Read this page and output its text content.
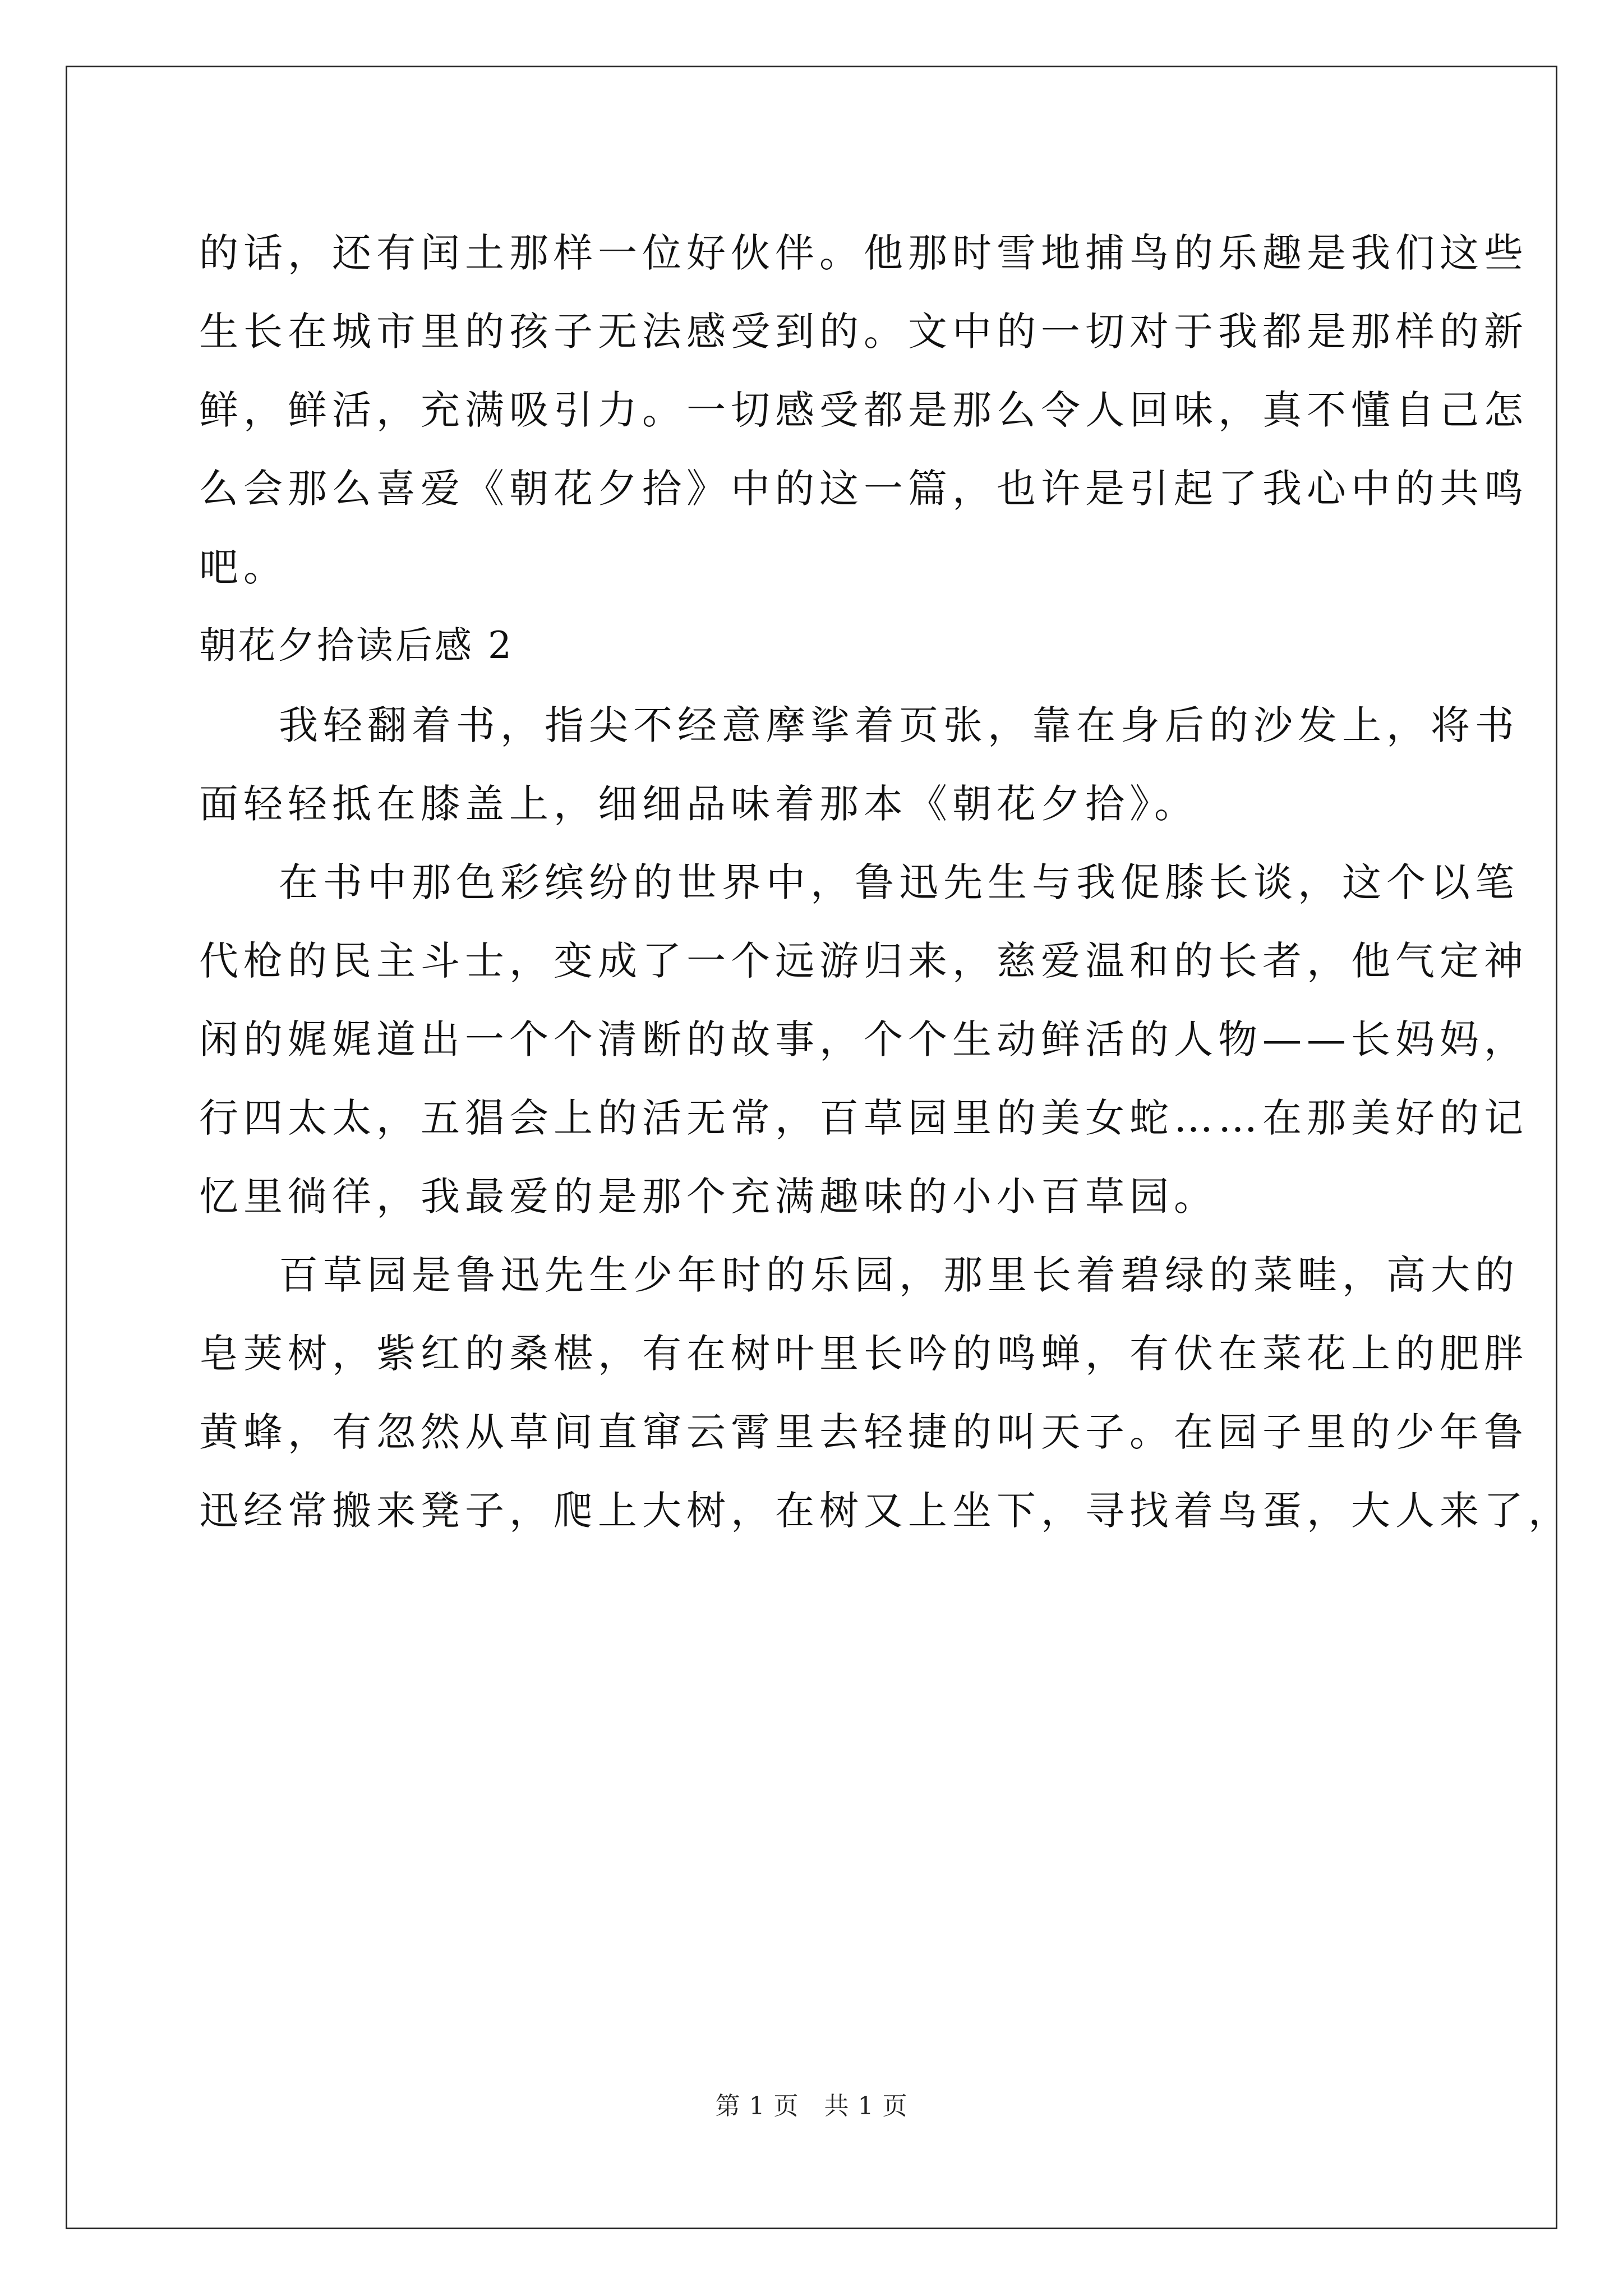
的话，还有闰土那样一位好伙伴。他那时雪地捕鸟的乐趣是我们这些
生长在城市里的孩子无法感受到的。文中的一切对于我都是那样的新
鲜，鲜活，充满吸引力。一切感受都是那么令人回味，真不懂自己怎
么会那么喜爱《朝花夕拾》中的这一篇，也许是引起了我心中的共鸣
吧。
朝花夕拾读后感 2
我轻翻着书，指尖不经意摩挲着页张，靠在身后的沙发上，将书
面轻轻抵在膝盖上，细细品味着那本《朝花夕拾》。
在书中那色彩缤纷的世界中，鲁迅先生与我促膝长谈，这个以笔
代枪的民主斗士，变成了一个远游归来，慈爱温和的长者，他气定神
闲的娓娓道出一个个清断的故事，个个生动鲜活的人物——长妈妈，
行四太太，五猖会上的活无常，百草园里的美女蛇……在那美好的记
忆里徜徉，我最爱的是那个充满趣味的小小百草园。
百草园是鲁迅先生少年时的乐园，那里长着碧绿的菜畦，高大的
皂荚树，紫红的桑椹，有在树叶里长吟的鸣蝉，有伏在菜花上的肥胖
黄蜂，有忽然从草间直窜云霄里去轻捷的叫天子。在园子里的少年鲁
迅经常搬来凳子，爬上大树，在树又上坐下，寻找着鸟蛋，大人来了，
第 1 页　共 1 页
